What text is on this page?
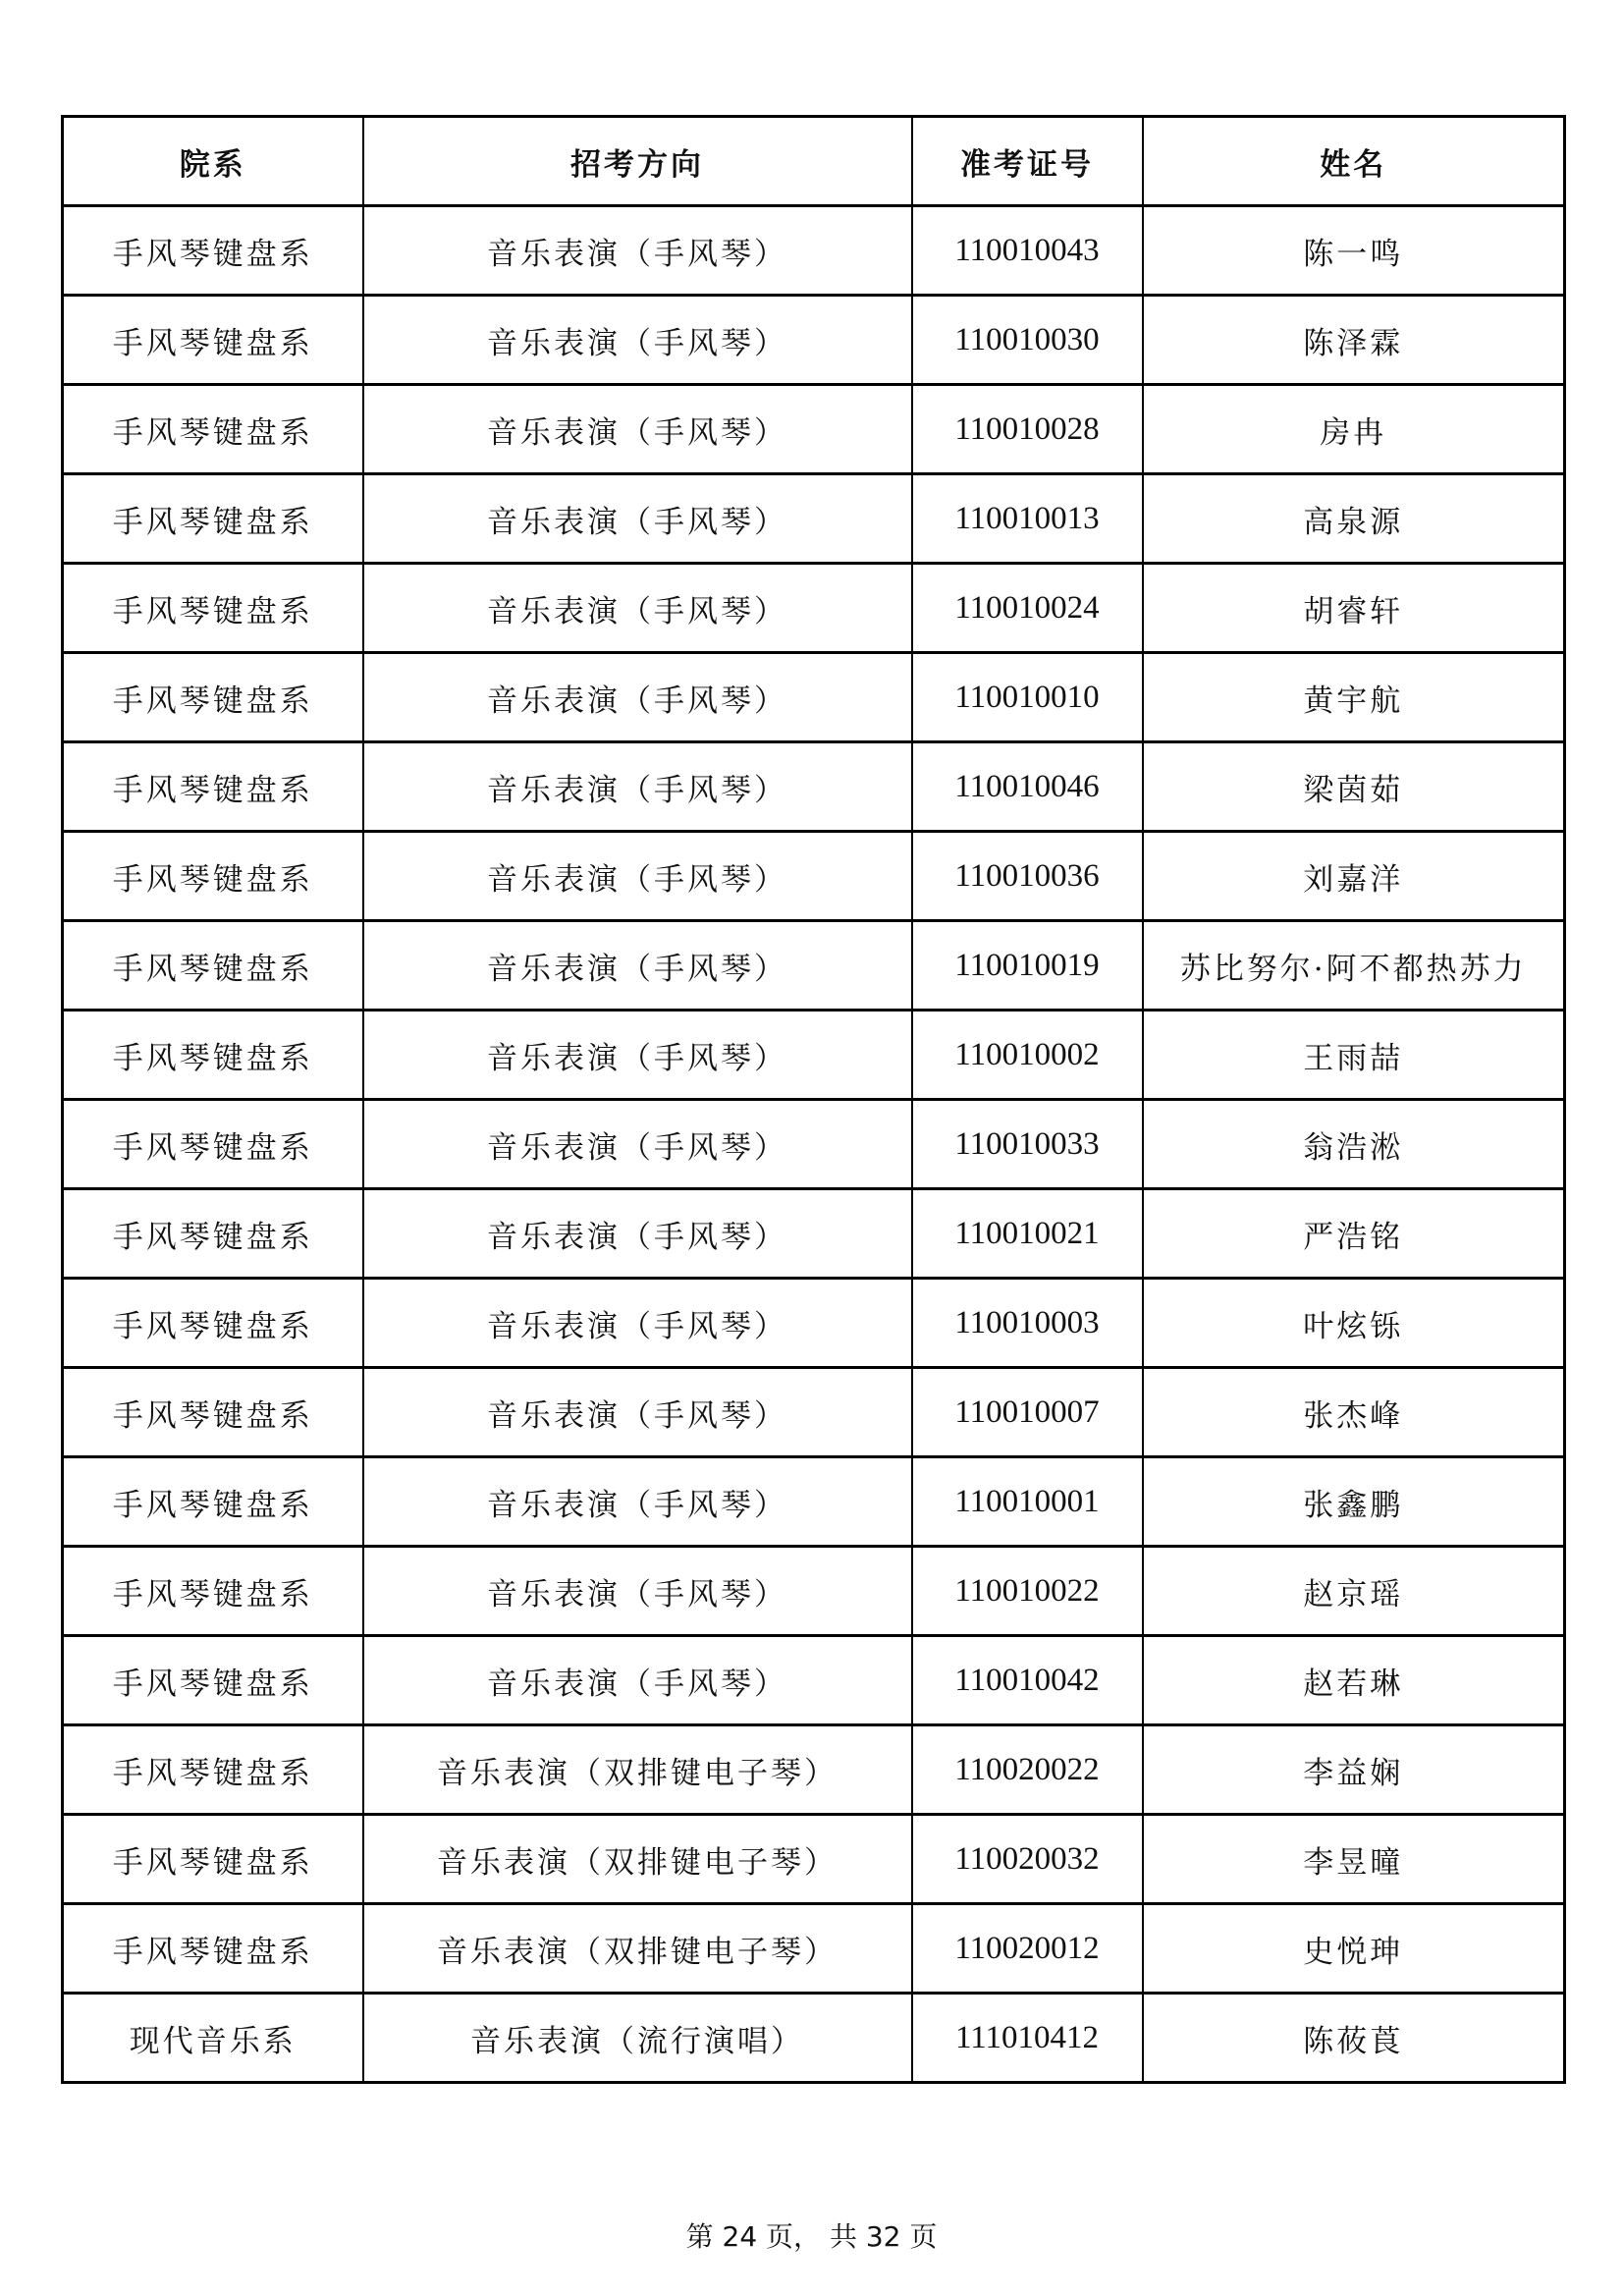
院系	招考方向	准考证号	姓名
手风琴键盘系	音乐表演（手风琴）	110010043	陈一鸣
手风琴键盘系	音乐表演（手风琴）	110010030	陈泽霖
手风琴键盘系	音乐表演（手风琴）	110010028	房冉
手风琴键盘系	音乐表演（手风琴）	110010013	高泉源
手风琴键盘系	音乐表演（手风琴）	110010024	胡睿轩
手风琴键盘系	音乐表演（手风琴）	110010010	黄宇航
手风琴键盘系	音乐表演（手风琴）	110010046	梁茵茹
手风琴键盘系	音乐表演（手风琴）	110010036	刘嘉洋
手风琴键盘系	音乐表演（手风琴）	110010019	苏比努尔·阿不都热苏力
手风琴键盘系	音乐表演（手风琴）	110010002	王雨喆
手风琴键盘系	音乐表演（手风琴）	110010033	翁浩淞
手风琴键盘系	音乐表演（手风琴）	110010021	严浩铭
手风琴键盘系	音乐表演（手风琴）	110010003	叶炫铄
手风琴键盘系	音乐表演（手风琴）	110010007	张杰峰
手风琴键盘系	音乐表演（手风琴）	110010001	张鑫鹏
手风琴键盘系	音乐表演（手风琴）	110010022	赵京瑶
手风琴键盘系	音乐表演（手风琴）	110010042	赵若琳
手风琴键盘系	音乐表演（双排键电子琴）	110020022	李益娴
手风琴键盘系	音乐表演（双排键电子琴）	110020032	李昱曈
手风琴键盘系	音乐表演（双排键电子琴）	110020012	史悦珅
现代音乐系	音乐表演（流行演唱）	111010412	陈莜莨
第 24 页， 共 32 页
